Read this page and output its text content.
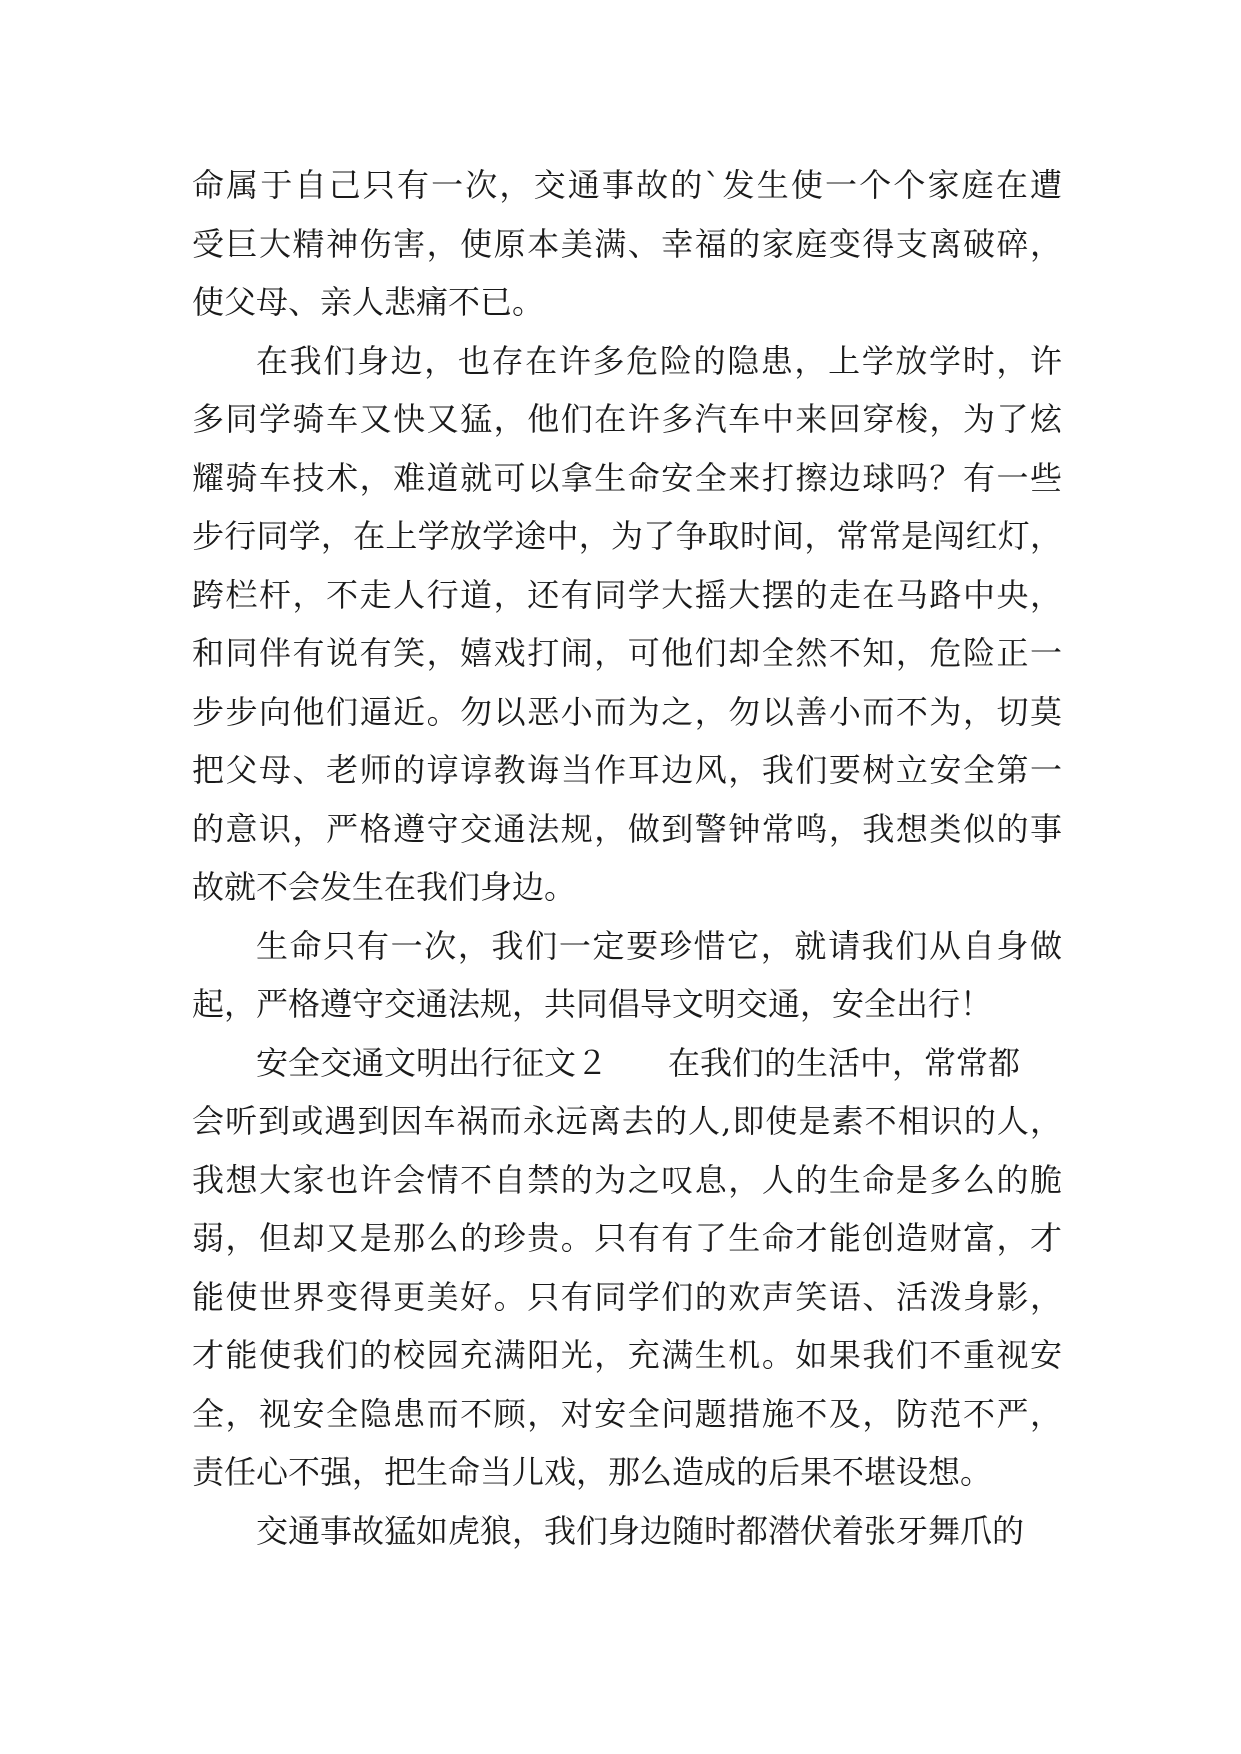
命属于自己只有一次，交通事故的`发生使一个个家庭在遭
受巨大精神伤害，使原本美满、幸福的家庭变得支离破碎，
使父母、亲人悲痛不已。
在我们身边，也存在许多危险的隐患，上学放学时，许
多同学骑车又快又猛，他们在许多汽车中来回穿梭，为了炫
耀骑车技术，难道就可以拿生命安全来打擦边球吗？有一些
步行同学，在上学放学途中，为了争取时间，常常是闯红灯，
跨栏杆，不走人行道，还有同学大摇大摆的走在马路中央，
和同伴有说有笑，嬉戏打闹，可他们却全然不知，危险正一
步步向他们逼近。勿以恶小而为之，勿以善小而不为，切莫
把父母、老师的谆谆教诲当作耳边风，我们要树立安全第一
的意识，严格遵守交通法规，做到警钟常鸣，我想类似的事
故就不会发生在我们身边。
生命只有一次，我们一定要珍惜它，就请我们从自身做
起，严格遵守交通法规，共同倡导文明交通，安全出行！
安全交通文明出行征文２ 在我们的生活中，常常都
会听到或遇到因车祸而永远离去的人,即使是素不相识的人，
我想大家也许会情不自禁的为之叹息，人的生命是多么的脆
弱，但却又是那么的珍贵。只有有了生命才能创造财富，才
能使世界变得更美好。只有同学们的欢声笑语、活泼身影，
才能使我们的校园充满阳光，充满生机。如果我们不重视安
全，视安全隐患而不顾，对安全问题措施不及，防范不严，
责任心不强，把生命当儿戏，那么造成的后果不堪设想。
交通事故猛如虎狼，我们身边随时都潜伏着张牙舞爪的
